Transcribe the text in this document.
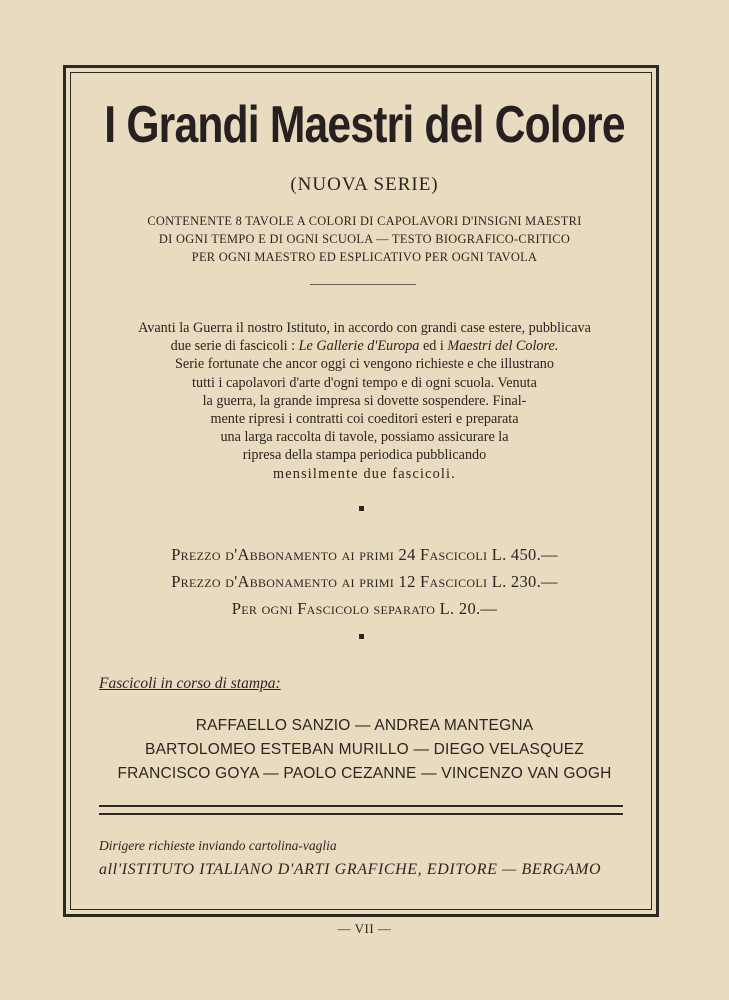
I Grandi Maestri del Colore
(NUOVA SERIE)
CONTENENTE 8 TAVOLE A COLORI DI CAPOLAVORI D'INSIGNI MAESTRI
DI OGNI TEMPO E DI OGNI SCUOLA — TESTO BIOGRAFICO-CRITICO
PER OGNI MAESTRO ED ESPLICATIVO PER OGNI TAVOLA
Avanti la Guerra il nostro Istituto, in accordo con grandi case estere, pubblicava
due serie di fascicoli : Le Gallerie d'Europa ed i Maestri del Colore.
Serie fortunate che ancor oggi ci vengono richieste e che illustrano
tutti i capolavori d'arte d'ogni tempo e di ogni scuola. Venuta
la guerra, la grande impresa si dovette sospendere. Final-
mente ripresi i contratti coi coeditori esteri e preparata
una larga raccolta di tavole, possiamo assicurare la
ripresa della stampa periodica pubblicando
mensilmente due fascicoli.
Prezzo d'Abbonamento ai primi 24 Fascicoli L. 450.—
Prezzo d'Abbonamento ai primi 12 Fascicoli L. 230.—
Per ogni Fascicolo separato L. 20.—
Fascicoli in corso di stampa:
RAFFAELLO SANZIO — ANDREA MANTEGNA
BARTOLOMEO ESTEBAN MURILLO — DIEGO VELASQUEZ
FRANCISCO GOYA — PAOLO CEZANNE — VINCENZO VAN GOGH
Dirigere richieste inviando cartolina-vaglia
all'ISTITUTO ITALIANO D'ARTI GRAFICHE, EDITORE — BERGAMO
— VII —
